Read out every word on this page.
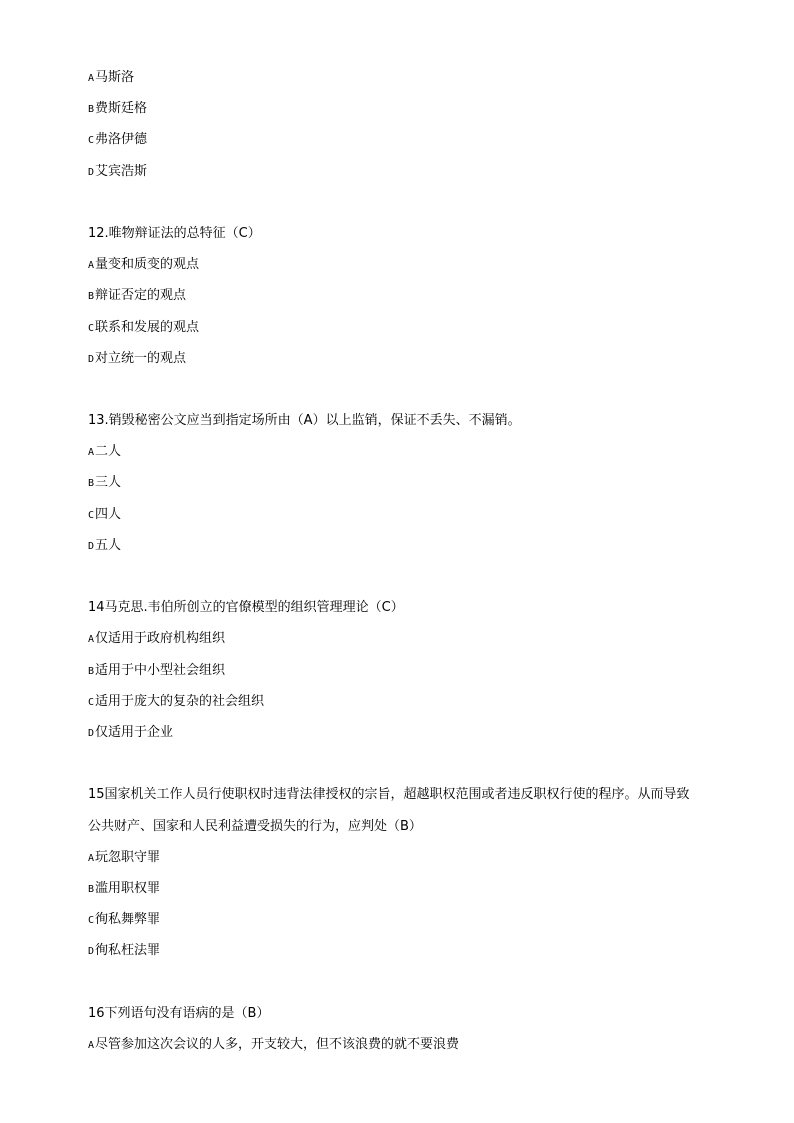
A马斯洛
B费斯廷格
C弗洛伊德
D艾宾浩斯
12.唯物辩证法的总特征（C）
A量变和质变的观点
B辩证否定的观点
C联系和发展的观点
D对立统一的观点
13.销毁秘密公文应当到指定场所由（A）以上监销，保证不丢失、不漏销。
A二人
B三人
C四人
D五人
14马克思.韦伯所创立的官僚模型的组织管理理论（C）
A仅适用于政府机构组织
B适用于中小型社会组织
C适用于庞大的复杂的社会组织
D仅适用于企业
15国家机关工作人员行使职权时违背法律授权的宗旨，超越职权范围或者违反职权行使的程序。从而导致
公共财产、国家和人民利益遭受损失的行为，应判处（B）
A玩忽职守罪
B滥用职权罪
C徇私舞弊罪
D徇私枉法罪
16下列语句没有语病的是（B）
A尽管参加这次会议的人多，开支较大，但不该浪费的就不要浪费
